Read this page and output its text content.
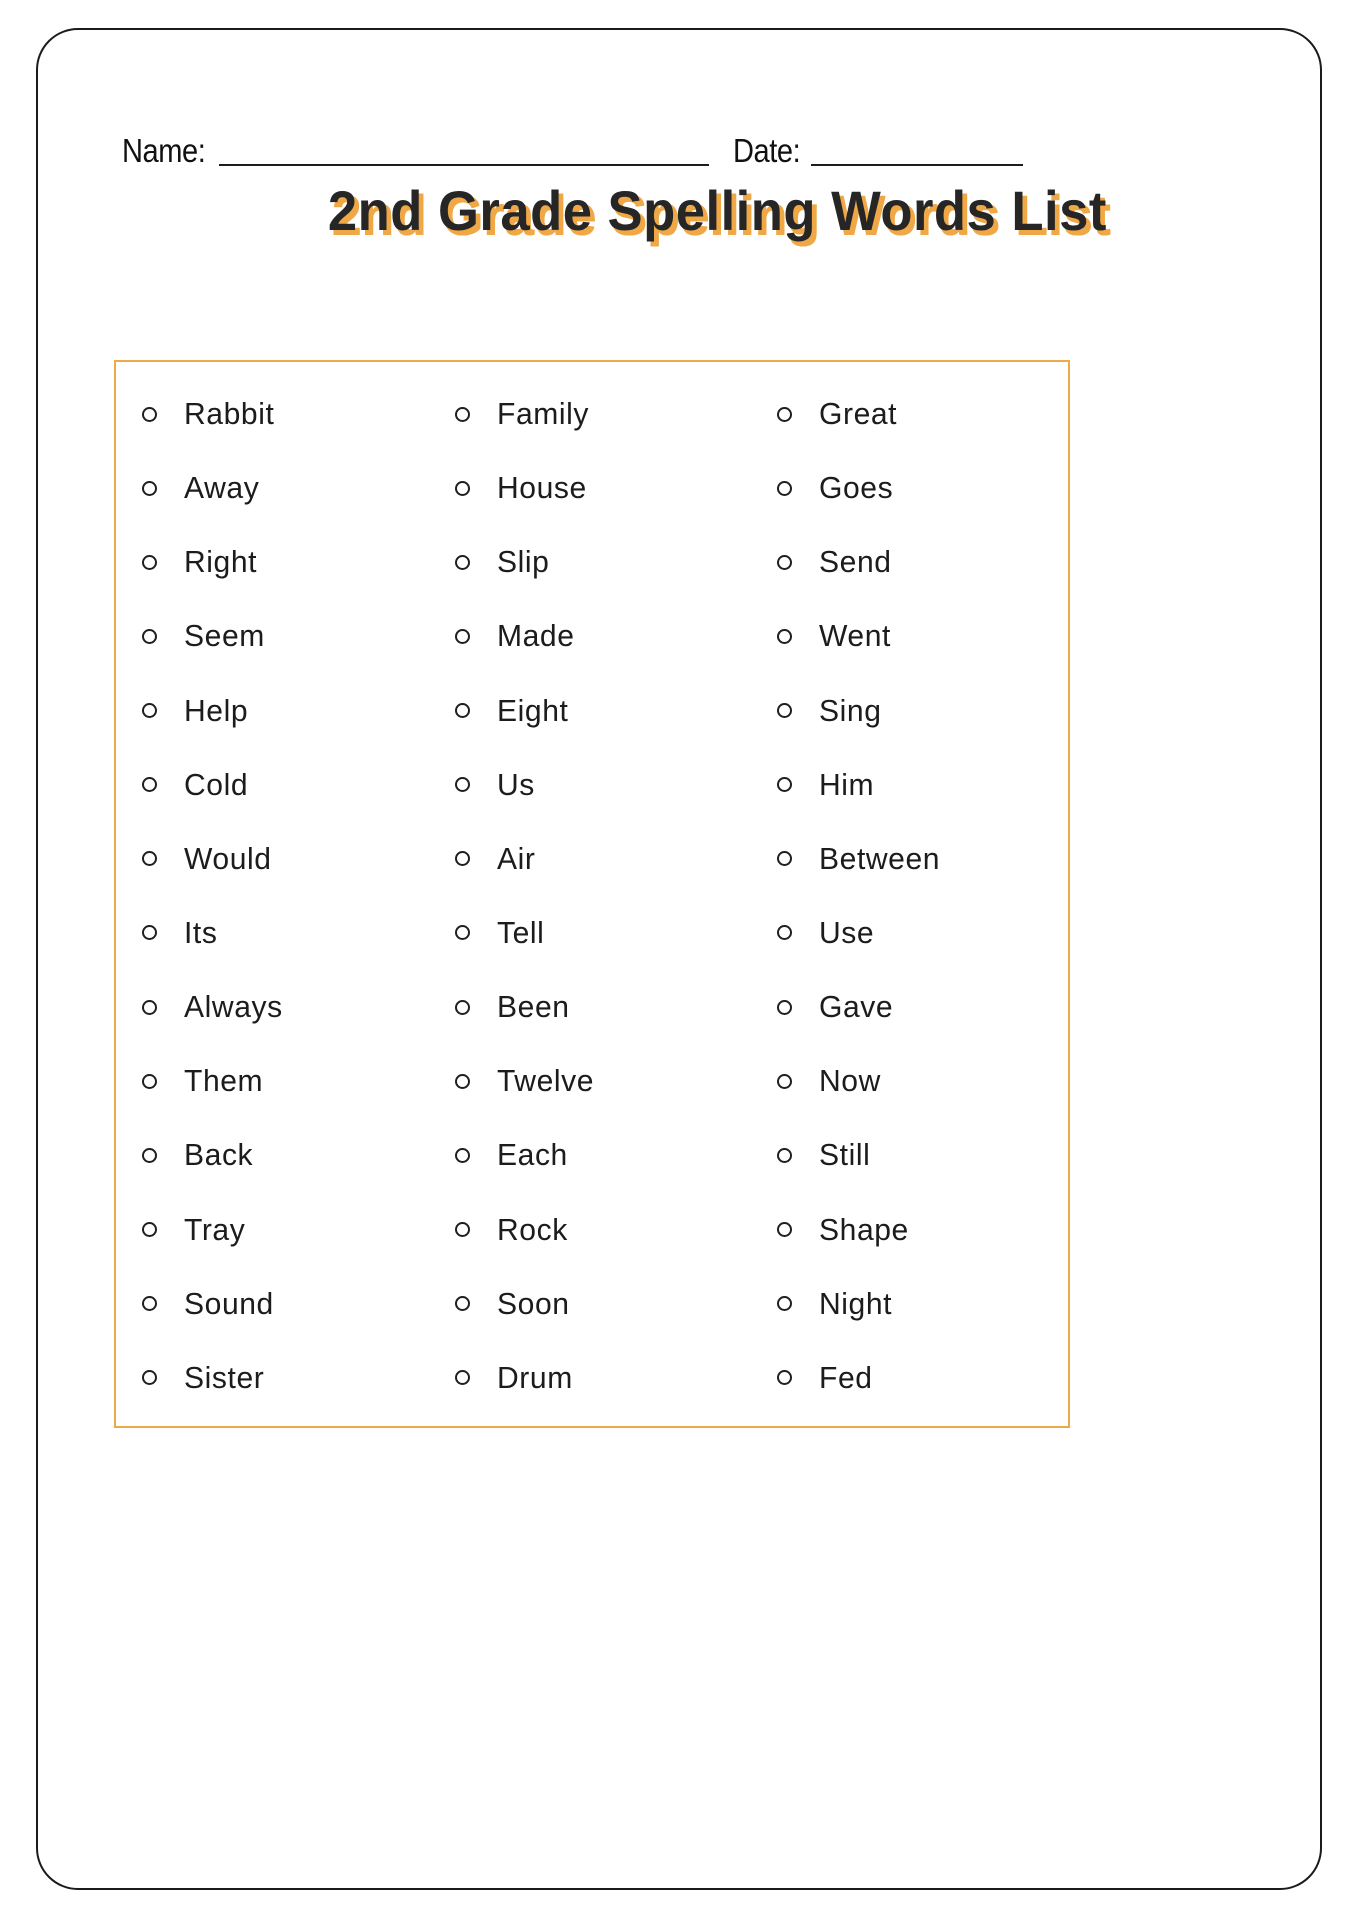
Name:	Date:
2nd Grade Spelling Words List
Rabbit
Away
Right
Seem
Help
Cold
Would
Its
Always
Them
Back
Tray
Sound
Sister
Family
House
Slip
Made
Eight
Us
Air
Tell
Been
Twelve
Each
Rock
Soon
Drum
Great
Goes
Send
Went
Sing
Him
Between
Use
Gave
Now
Still
Shape
Night
Fed
